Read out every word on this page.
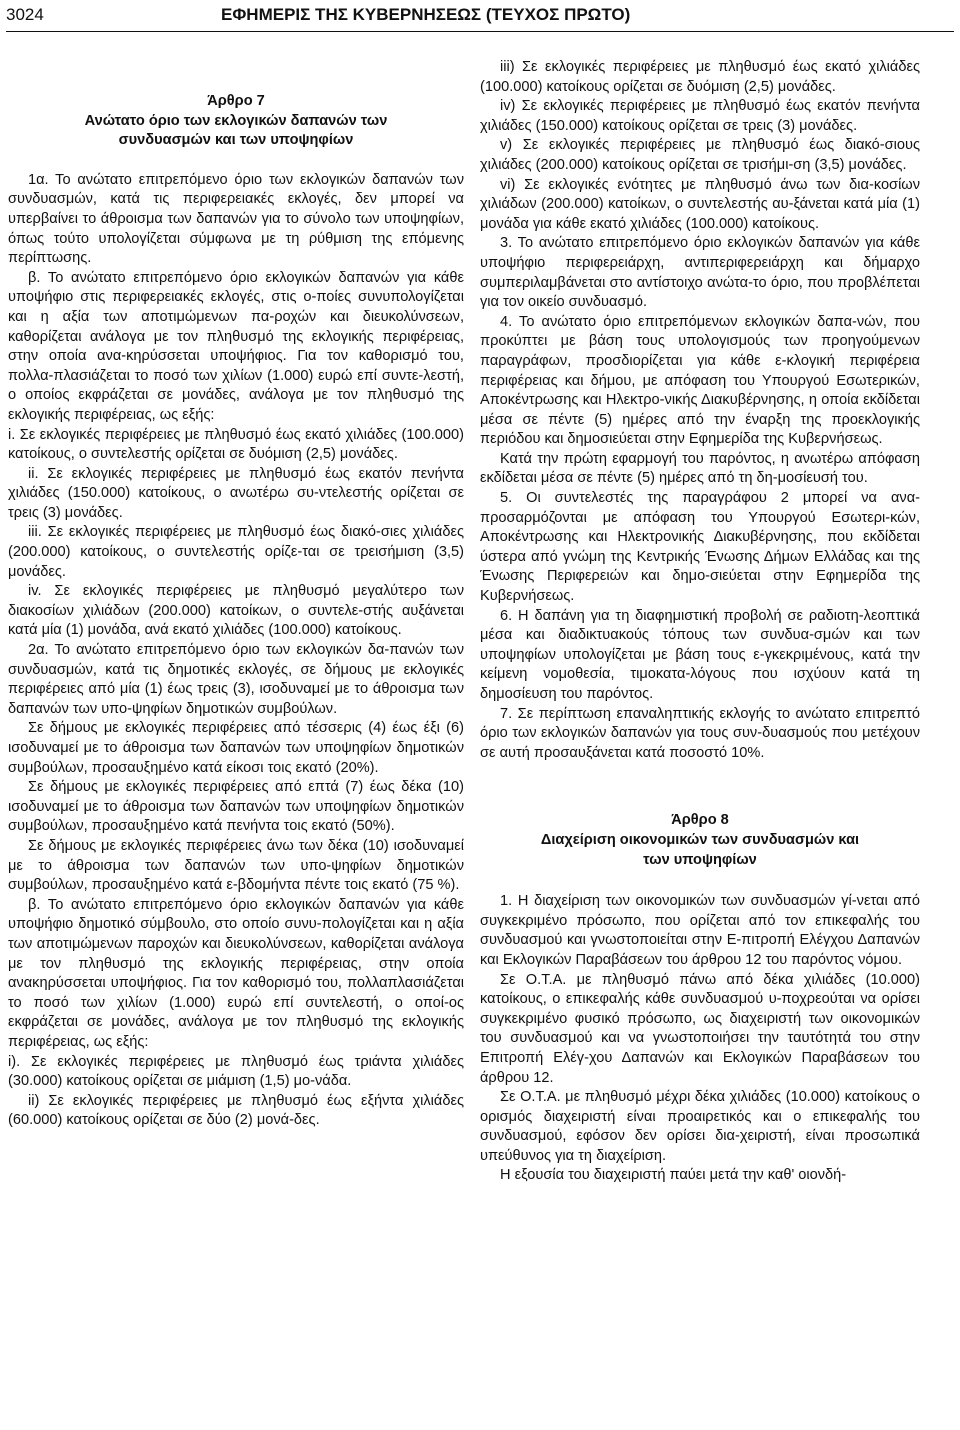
3024	ΕΦΗΜΕΡΙΣ ΤΗΣ ΚΥΒΕΡΝΗΣΕΩΣ (ΤΕΥΧΟΣ ΠΡΩΤΟ)
Άρθρο 7
Ανώτατο όριο των εκλογικών δαπανών των συνδυασμών και των υποψηφίων

1α. Το ανώτατο επιτρεπόμενο όριο των εκλογικών δαπανών των συνδυασμών, κατά τις περιφερειακές εκλογές, δεν μπορεί να υπερβαίνει το άθροισμα των δαπανών για το σύνολο των υποψηφίων, όπως τούτο υπολογίζεται σύμφωνα με τη ρύθμιση της επόμενης περίπτωσης.

β. Το ανώτατο επιτρεπόμενο όριο εκλογικών δαπανών για κάθε υποψήφιο στις περιφερειακές εκλογές, στις ο-ποίες συνυπολογίζεται και η αξία των αποτιμώμενων πα-ροχών και διευκολύνσεων, καθορίζεται ανάλογα με τον πληθυσμό της εκλογικής περιφέρειας, στην οποία ανα-κηρύσσεται υποψήφιος. Για τον καθορισμό του, πολλα-πλασιάζεται το ποσό των χιλίων (1.000) ευρώ επί συντε-λεστή, ο οποίος εκφράζεται σε μονάδες, ανάλογα με τον πληθυσμό της εκλογικής περιφέρειας, ως εξής:

i. Σε εκλογικές περιφέρειες με πληθυσμό έως εκατό χιλιάδες (100.000) κατοίκους, ο συντελεστής ορίζεται σε δυόμιση (2,5) μονάδες.

ii. Σε εκλογικές περιφέρειες με πληθυσμό έως εκατόν πενήντα χιλιάδες (150.000) κατοίκους, ο ανωτέρω συ-ντελεστής ορίζεται σε τρεις (3) μονάδες.

iii. Σε εκλογικές περιφέρειες με πληθυσμό έως διακό-σιες χιλιάδες (200.000) κατοίκους, ο συντελεστής ορίζε-ται σε τρεισήμιση (3,5) μονάδες.

iv. Σε εκλογικές περιφέρειες με πληθυσμό μεγαλύτερο των διακοσίων χιλιάδων (200.000) κατοίκων, ο συντελε-στής αυξάνεται κατά μία (1) μονάδα, ανά εκατό χιλιάδες (100.000) κατοίκους.

2α. Το ανώτατο επιτρεπόμενο όριο των εκλογικών δα-πανών των συνδυασμών, κατά τις δημοτικές εκλογές, σε δήμους με εκλογικές περιφέρειες από μία (1) έως τρεις (3), ισοδυναμεί με το άθροισμα των δαπανών των υπο-ψηφίων δημοτικών συμβούλων.

Σε δήμους με εκλογικές περιφέρειες από τέσσερις (4) έως έξι (6) ισοδυναμεί με το άθροισμα των δαπανών των υποψηφίων δημοτικών συμβούλων, προσαυξημένο κατά είκοσι τοις εκατό (20%).

Σε δήμους με εκλογικές περιφέρειες από επτά (7) έως δέκα (10) ισοδυναμεί με το άθροισμα των δαπανών των υποψηφίων δημοτικών συμβούλων, προσαυξημένο κατά πενήντα τοις εκατό (50%).

Σε δήμους με εκλογικές περιφέρειες άνω των δέκα (10) ισοδυναμεί με το άθροισμα των δαπανών των υπο-ψηφίων δημοτικών συμβούλων, προσαυξημένο κατά ε-βδομήντα πέντε τοις εκατό (75 %).

β. Το ανώτατο επιτρεπόμενο όριο εκλογικών δαπανών για κάθε υποψήφιο δημοτικό σύμβουλο, στο οποίο συνυ-πολογίζεται και η αξία των αποτιμώμενων παροχών και διευκολύνσεων, καθορίζεται ανάλογα με τον πληθυσμό της εκλογικής περιφέρειας, στην οποία ανακηρύσσεται υποψήφιος. Για τον καθορισμό του, πολλαπλασιάζεται το ποσό των χιλίων (1.000) ευρώ επί συντελεστή, ο οποί-ος εκφράζεται σε μονάδες, ανάλογα με τον πληθυσμό της εκλογικής περιφέρειας, ως εξής:

i). Σε εκλογικές περιφέρειες με πληθυσμό έως τριάντα χιλιάδες (30.000) κατοίκους ορίζεται σε μιάμιση (1,5) μο-νάδα.

ii) Σε εκλογικές περιφέρειες με πληθυσμό έως εξήντα χιλιάδες (60.000) κατοίκους ορίζεται σε δύο (2) μονά-δες.

iii) Σε εκλογικές περιφέρειες με πληθυσμό έως εκατό χιλιάδες (100.000) κατοίκους ορίζεται σε δυόμιση (2,5) μονάδες.

iv) Σε εκλογικές περιφέρειες με πληθυσμό έως εκατόν πενήντα χιλιάδες (150.000) κατοίκους ορίζεται σε τρεις (3) μονάδες.

v) Σε εκλογικές περιφέρειες με πληθυσμό έως διακό-σιους χιλιάδες (200.000) κατοίκους ορίζεται σε τρισήμι-ση (3,5) μονάδες.

vi) Σε εκλογικές ενότητες με πληθυσμό άνω των δια-κοσίων χιλιάδων (200.000) κατοίκων, ο συντελεστής αυ-ξάνεται κατά μία (1) μονάδα για κάθε εκατό χιλιάδες (100.000) κατοίκους.

3. Το ανώτατο επιτρεπόμενο όριο εκλογικών δαπανών για κάθε υποψήφιο περιφερειάρχη, αντιπεριφερειάρχη και δήμαρχο συμπεριλαμβάνεται στο αντίστοιχο ανώτα-το όριο, που προβλέπεται για τον οικείο συνδυασμό.

4. Το ανώτατο όριο επιτρεπόμενων εκλογικών δαπα-νών, που προκύπτει με βάση τους υπολογισμούς των προηγούμενων παραγράφων, προσδιορίζεται για κάθε ε-κλογική περιφέρεια περιφέρειας και δήμου, με απόφαση του Υπουργού Εσωτερικών, Αποκέντρωσης και Ηλεκτρο-νικής Διακυβέρνησης, η οποία εκδίδεται μέσα σε πέντε (5) ημέρες από την έναρξη της προεκλογικής περιόδου και δημοσιεύεται στην Εφημερίδα της Κυβερνήσεως.

Κατά την πρώτη εφαρμογή του παρόντος, η ανωτέρω απόφαση εκδίδεται μέσα σε πέντε (5) ημέρες από τη δη-μοσίευσή του.

5. Οι συντελεστές της παραγράφου 2 μπορεί να ανα-προσαρμόζονται με απόφαση του Υπουργού Εσωτερι-κών, Αποκέντρωσης και Ηλεκτρονικής Διακυβέρνησης, που εκδίδεται ύστερα από γνώμη της Κεντρικής Ένωσης Δήμων Ελλάδας και της Ένωσης Περιφερειών και δημο-σιεύεται στην Εφημερίδα της Κυβερνήσεως.

6. Η δαπάνη για τη διαφημιστική προβολή σε ραδιοτη-λεοπτικά μέσα και διαδικτυακούς τόπους των συνδυα-σμών και των υποψηφίων υπολογίζεται με βάση τους ε-γκεκριμένους, κατά την κείμενη νομοθεσία, τιμοκατα-λόγους που ισχύουν κατά τη δημοσίευση του παρόντος.

7. Σε περίπτωση επαναληπτικής εκλογής το ανώτατο επιτρεπτό όριο των εκλογικών δαπανών για τους συν-δυασμούς που μετέχουν σε αυτή προσαυξάνεται κατά ποσοστό 10%.

Άρθρο 8
Διαχείριση οικονομικών των συνδυασμών και των υποψηφίων

1. Η διαχείριση των οικονομικών των συνδυασμών γί-νεται από συγκεκριμένο πρόσωπο, που ορίζεται από τον επικεφαλής του συνδυασμού και γνωστοποιείται στην Ε-πιτροπή Ελέγχου Δαπανών και Εκλογικών Παραβάσεων του άρθρου 12 του παρόντος νόμου.

Σε Ο.Τ.Α. με πληθυσμό πάνω από δέκα χιλιάδες (10.000) κατοίκους, ο επικεφαλής κάθε συνδυασμού υ-ποχρεούται να ορίσει συγκεκριμένο φυσικό πρόσωπο, ως διαχειριστή των οικονομικών του συνδυασμού και να γνωστοποιήσει την ταυτότητά του στην Επιτροπή Ελέγ-χου Δαπανών και Εκλογικών Παραβάσεων του άρθρου 12.

Σε Ο.Τ.Α. με πληθυσμό μέχρι δέκα χιλιάδες (10.000) κατοίκους ο ορισμός διαχειριστή είναι προαιρετικός και ο επικεφαλής του συνδυασμού, εφόσον δεν ορίσει δια-χειριστή, είναι προσωπικά υπεύθυνος για τη διαχείριση.

Η εξουσία του διαχειριστή παύει μετά την καθ' οιονδή-
